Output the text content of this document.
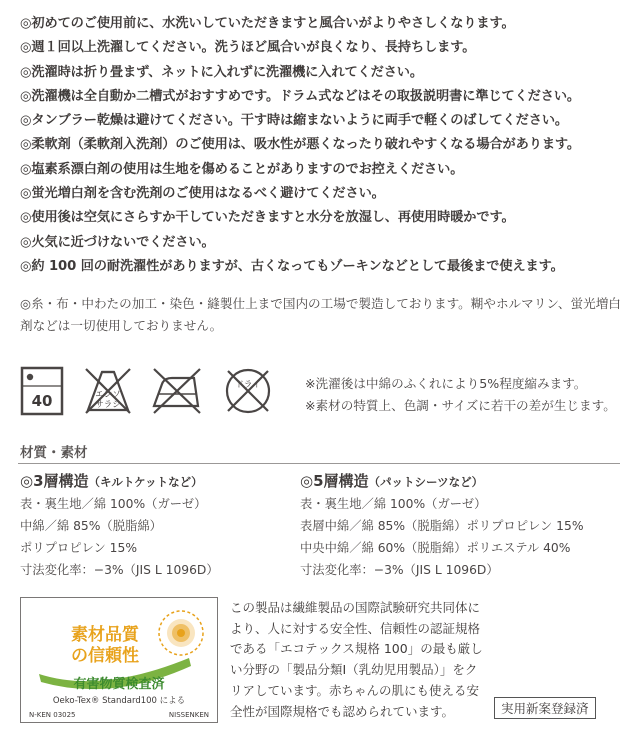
◎初めてのご使用前に、水洗いしていただきますと風合いがよりやさしくなります。
◎週１回以上洗濯してください。洗うほど風合いが良くなり、長持ちします。
◎洗濯時は折り畳まず、ネットに入れずに洗濯機に入れてください。
◎洗濯機は全自動か二槽式がおすすめです。ドラム式などはその取扱説明書に準じてください。
◎タンブラー乾燥は避けてください。干す時は縮まないように両手で軽くのばしてください。
◎柔軟剤（柔軟剤入洗剤）のご使用は、吸水性が悪くなったり破れやすくなる場合があります。
◎塩素系漂白剤の使用は生地を傷めることがありますのでお控えください。
◎蛍光増白剤を含む洗剤のご使用はなるべく避けてください。
◎使用後は空気にさらすか干していただきますと水分を放湿し、再使用時暖かです。
◎火気に近づけないでください。
◎約 100 回の耐洗濯性がありますが、古くなってもゾーキンなどとして最後まで使えます。
◎糸・布・中わたの加工・染色・縫製仕上まで国内の工場で製造しております。糊やホルマリン、蛍光増白剤などは一切使用しておりません。
40	エンソ
サラシ
ドライ	※洗濯後は中綿のふくれにより5%程度縮みます。
※素材の特質上、色調・サイズに若干の差が生じます。
材質・素材
◎3層構造（キルトケットなど）
表・裏生地／綿 100%（ガーゼ）
中綿／綿 85%（脱脂綿）
ポリプロピレン 15%
寸法変化率：−3%（JIS L 1096D）
◎5層構造（パットシーツなど）
表・裏生地／綿 100%（ガーゼ）
表層中綿／綿 85%（脱脂綿）ポリプロピレン 15%
中央中綿／綿 60%（脱脂綿）ポリエステル 40%
寸法変化率：−3%（JIS L 1096D）
素材品質
の信頼性
有害物質検査済
Oeko-Tex® Standard100 による
N-KEN 03025	NISSENKEN
この製品は繊維製品の国際試験研究共同体により、人に対する安全性、信頼性の認証規格である「エコテックス規格 100」の最も厳しい分野の「製品分類Ⅰ（乳幼児用製品）」をクリアしています。赤ちゃんの肌にも使える安全性が国際規格でも認められています。	実用新案登録済
